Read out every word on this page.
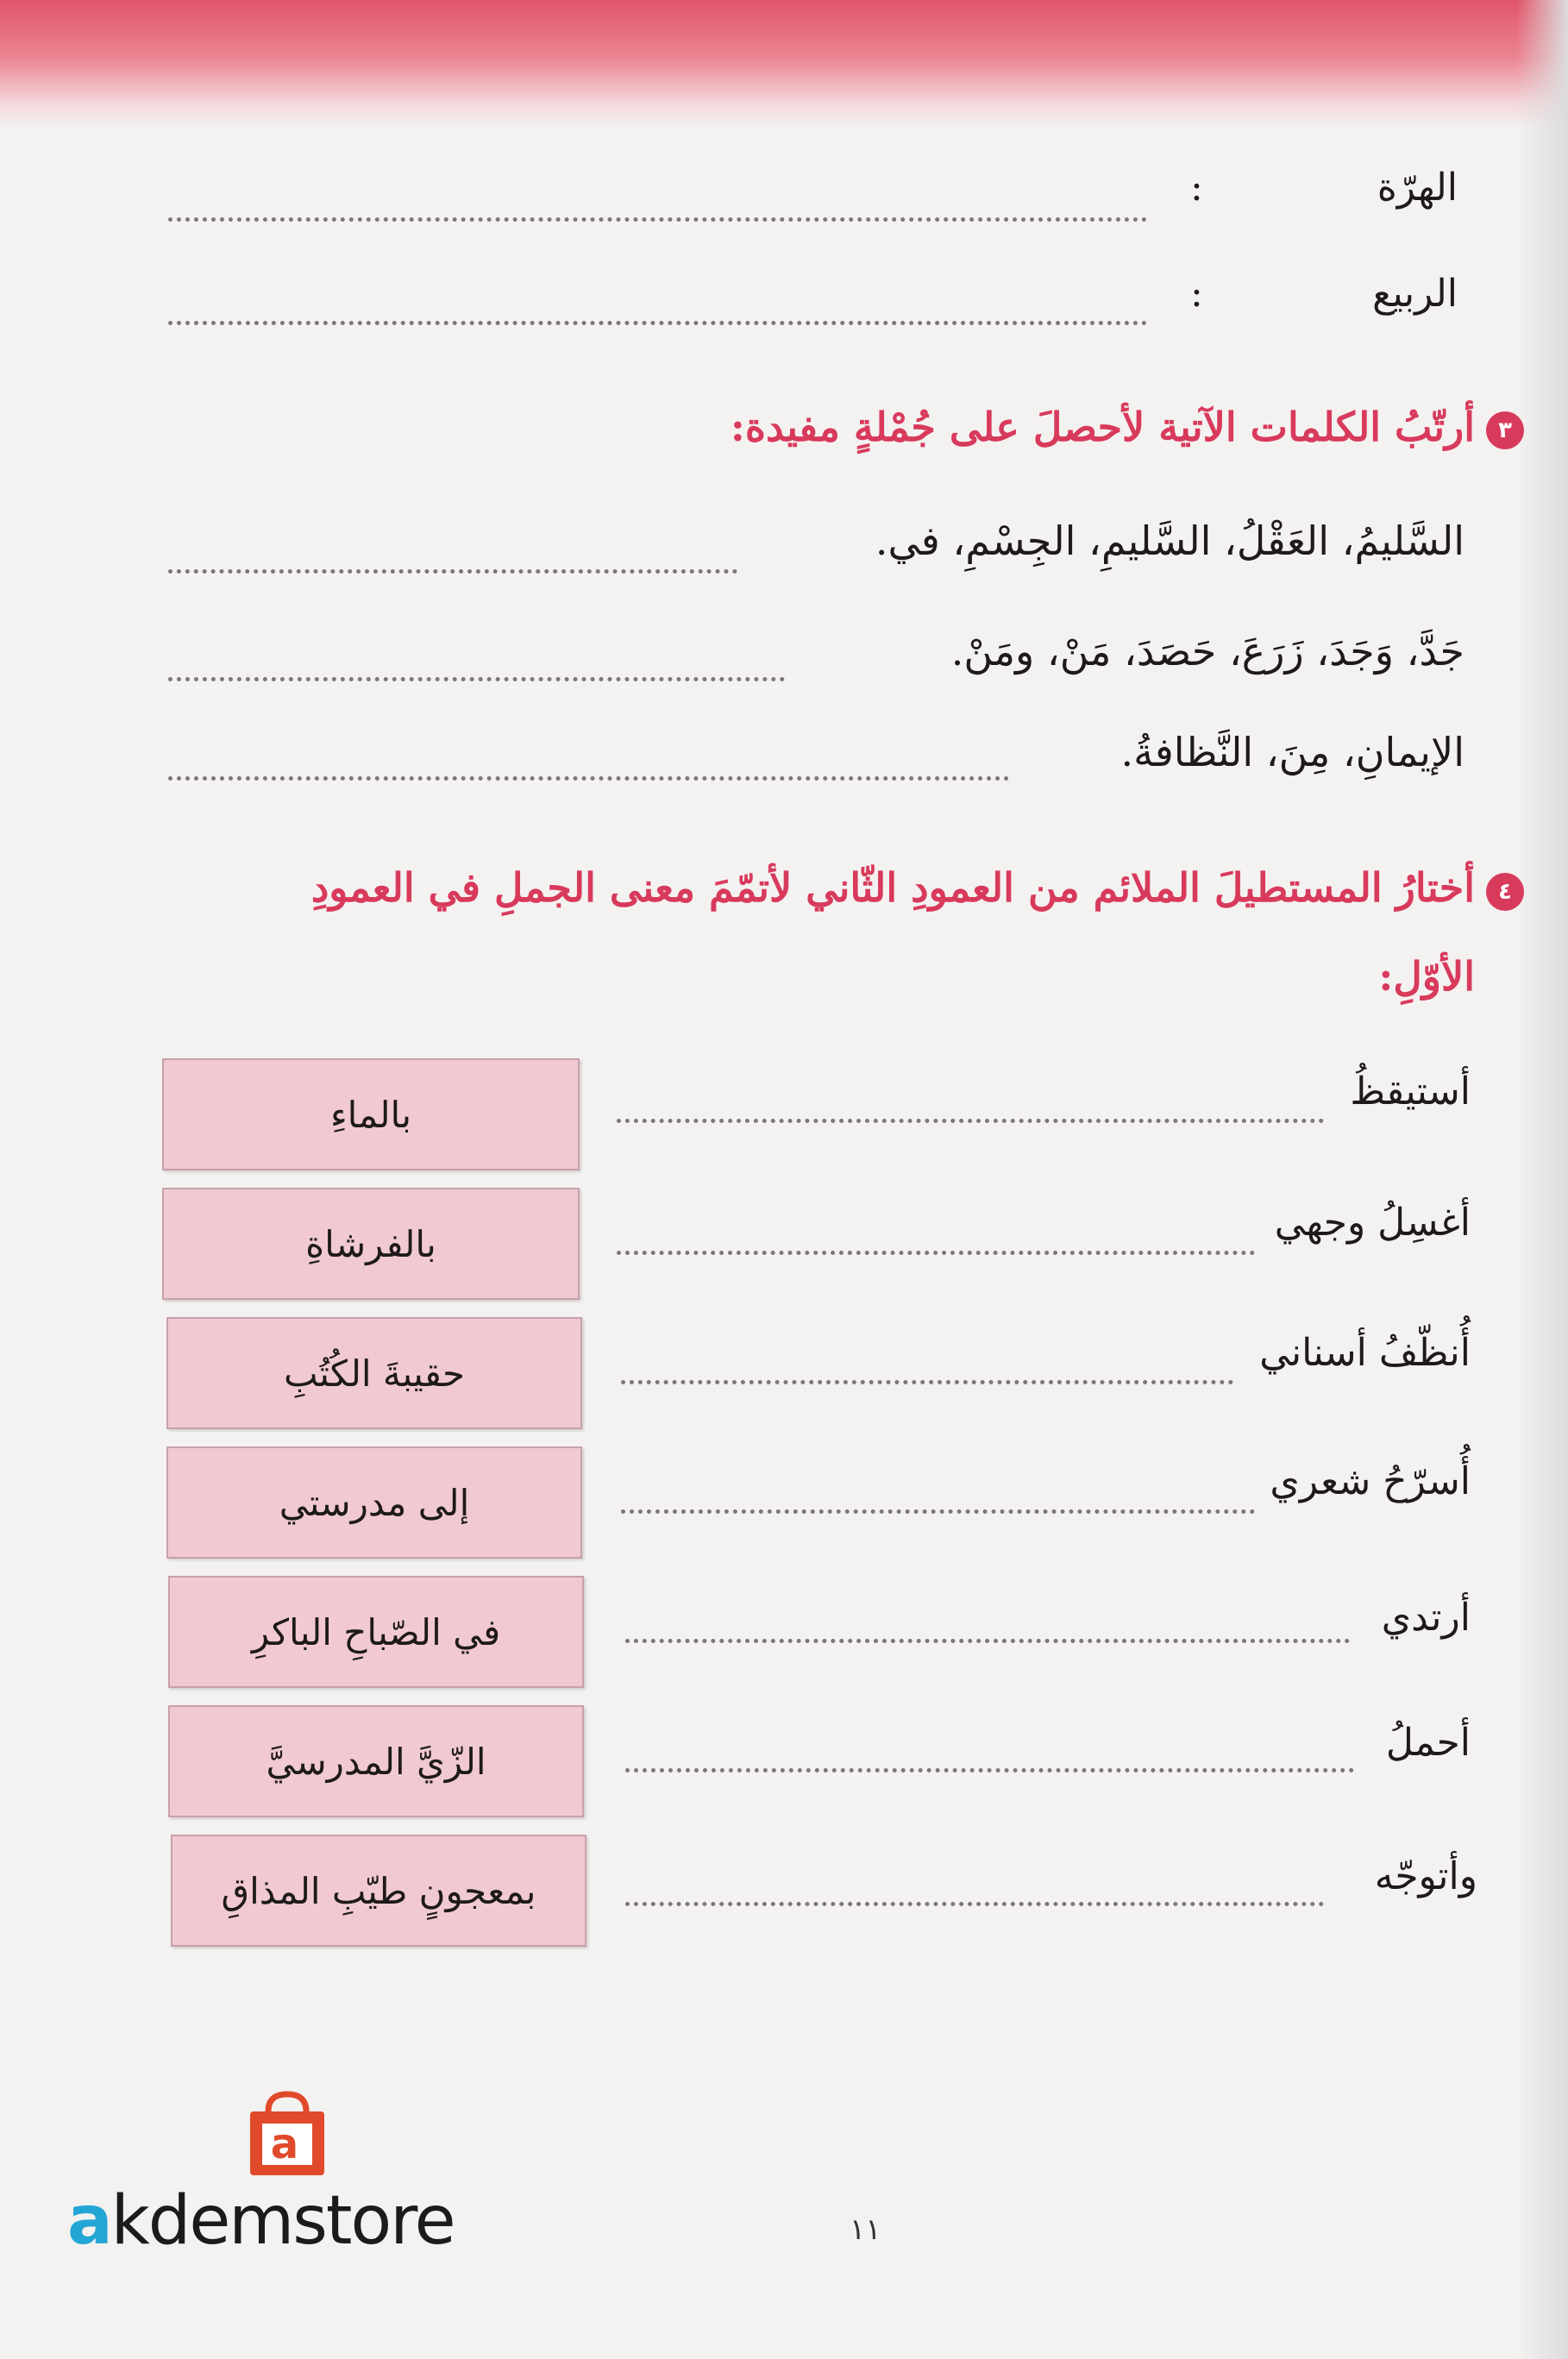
الهرّة
:
الربيع
:
٣
أرتّبُ الكلمات الآتية لأحصلَ على جُمْلةٍ مفيدة:
السَّليمُ، العَقْلُ، السَّليمِ، الجِسْمِ، في.
جَدَّ، وَجَدَ، زَرَعَ، حَصَدَ، مَنْ، ومَنْ.
الإيمانِ، مِنَ، النَّظافةُ.
٤
أختارُ المستطيلَ الملائم من العمودِ الثّاني لأتمّمَ معنى الجملِ في العمودِ
الأوّلِ:
أستيقظُ
أغسِلُ وجهي
أُنظّفُ أسناني
أُسرّحُ شعري
أرتدي
أحملُ
وأتوجّه
بالماءِ
بالفرشاةِ
حقيبةَ الكُتُبِ
إلى مدرستي
في الصّباحِ الباكرِ
الزّيَّ المدرسيَّ
بمعجونٍ طيّبِ المذاقِ
١١
a
akdemstore
